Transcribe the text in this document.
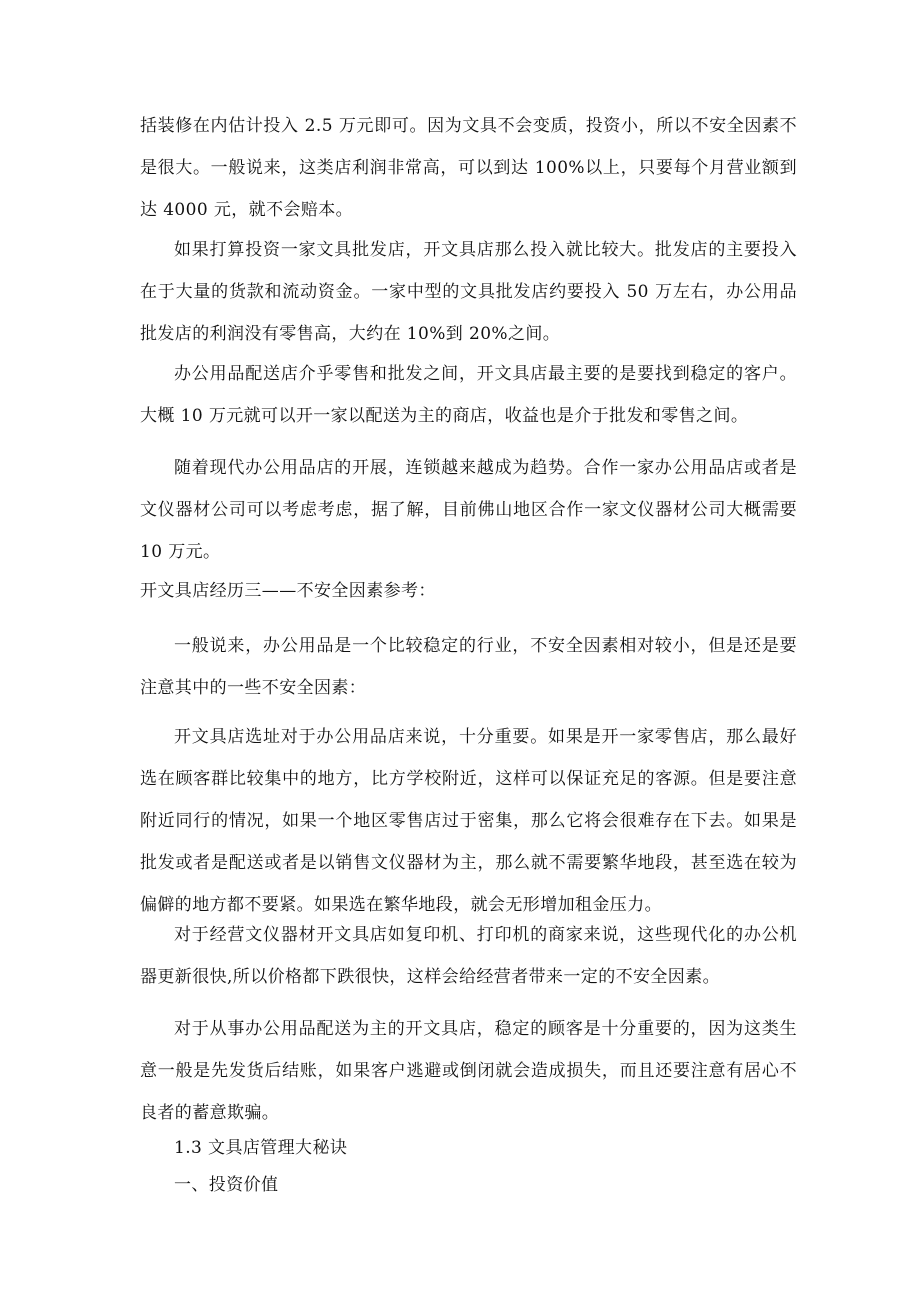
括装修在内估计投入 2.5 万元即可。因为文具不会变质，投资小，所以不安全因素不是很大。一般说来，这类店利润非常高，可以到达 100%以上，只要每个月营业额到达 4000 元，就不会赔本。

如果打算投资一家文具批发店，开文具店那么投入就比较大。批发店的主要投入在于大量的货款和流动资金。一家中型的文具批发店约要投入 50 万左右，办公用品批发店的利润没有零售高，大约在 10%到 20%之间。

办公用品配送店介乎零售和批发之间，开文具店最主要的是要找到稳定的客户。大概 10 万元就可以开一家以配送为主的商店，收益也是介于批发和零售之间。

随着现代办公用品店的开展，连锁越来越成为趋势。合作一家办公用品店或者是文仪器材公司可以考虑考虑，据了解，目前佛山地区合作一家文仪器材公司大概需要 10 万元。

开文具店经历三——不安全因素参考：

一般说来，办公用品是一个比较稳定的行业，不安全因素相对较小，但是还是要注意其中的一些不安全因素：

开文具店选址对于办公用品店来说，十分重要。如果是开一家零售店，那么最好选在顾客群比较集中的地方，比方学校附近，这样可以保证充足的客源。但是要注意附近同行的情况，如果一个地区零售店过于密集，那么它将会很难存在下去。如果是批发或者是配送或者是以销售文仪器材为主，那么就不需要繁华地段，甚至选在较为偏僻的地方都不要紧。如果选在繁华地段，就会无形增加租金压力。

对于经营文仪器材开文具店如复印机、打印机的商家来说，这些现代化的办公机器更新很快,所以价格都下跌很快，这样会给经营者带来一定的不安全因素。

对于从事办公用品配送为主的开文具店，稳定的顾客是十分重要的，因为这类生意一般是先发货后结账，如果客户逃避或倒闭就会造成损失，而且还要注意有居心不良者的蓄意欺骗。

1.3 文具店管理大秘诀

一、投资价值
